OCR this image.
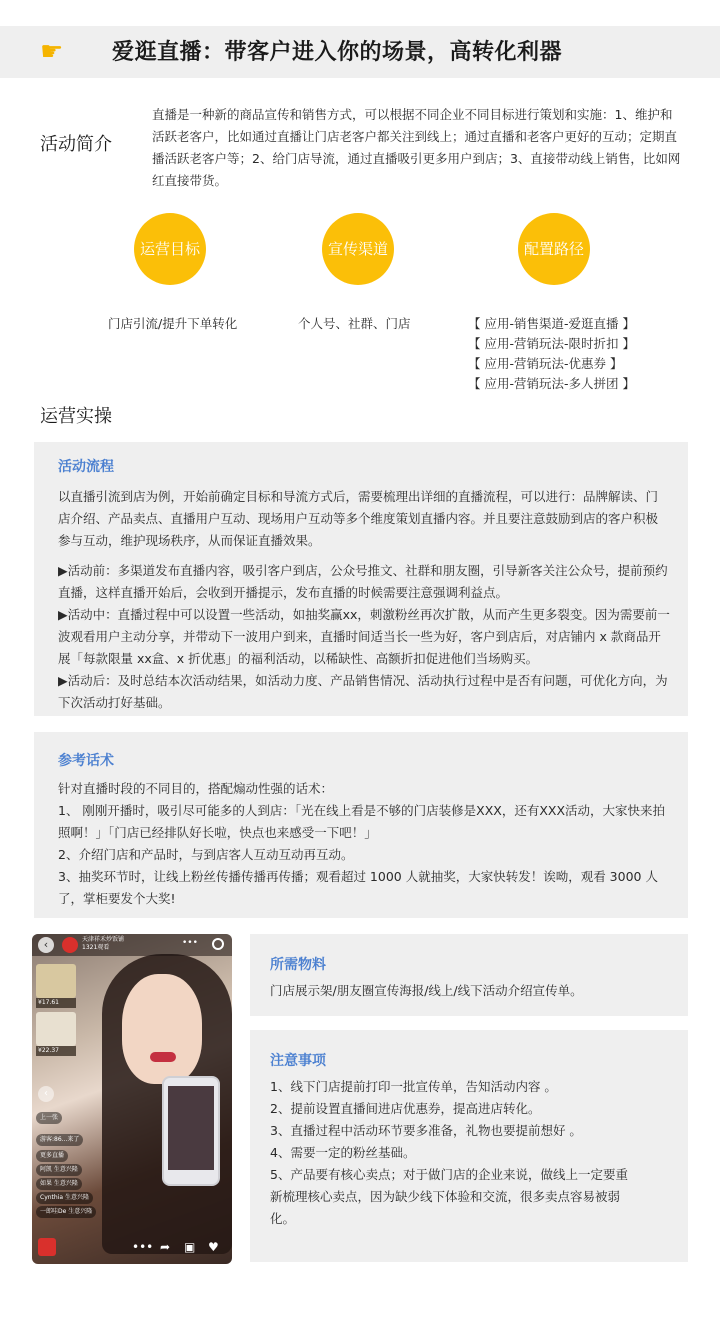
☛ 爱逛直播：带客户进入你的场景，高转化利器
活动简介
直播是一种新的商品宣传和销售方式，可以根据不同企业不同目标进行策划和实施：1、维护和活跃老客户，比如通过直播让门店老客户都关注到线上；通过直播和老客户更好的互动；定期直播活跃老客户等；2、给门店导流，通过直播吸引更多用户到店；3、直接带动线上销售，比如网红直接带货。
运营目标	宣传渠道	配置路径
门店引流/提升下单转化	个人号、社群、门店	【 应用-销售渠道-爱逛直播 】
【 应用-营销玩法-限时折扣 】
【 应用-营销玩法-优惠券 】
【 应用-营销玩法-多人拼团 】
运营实操
活动流程

以直播引流到店为例，开始前确定目标和导流方式后，需要梳理出详细的直播流程，可以进行：品牌解读、门店介绍、产品卖点、直播用户互动、现场用户互动等多个维度策划直播内容。并且要注意鼓励到店的客户积极参与互动，维护现场秩序，从而保证直播效果。

▶活动前：多渠道发布直播内容，吸引客户到店，公众号推文、社群和朋友圈，引导新客关注公众号，提前预约直播，这样直播开始后，会收到开播提示，发布直播的时候需要注意强调利益点。

▶活动中：直播过程中可以设置一些活动，如抽奖赢xx，刺激粉丝再次扩散，从而产生更多裂变。因为需要前一波观看用户主动分享，并带动下一波用户到来，直播时间适当长一些为好，客户到店后，对店铺内 x 款商品开展「每款限量 xx盒、x 折优惠」的福利活动，以稀缺性、高额折扣促进他们当场购买。

▶活动后：及时总结本次活动结果，如活动力度、产品销售情况、活动执行过程中是否有问题，可优化方向，为下次活动打好基础。

参考话术

针对直播时段的不同目的，搭配煽动性强的话术：

1、 刚刚开播时，吸引尽可能多的人到店：「光在线上看是不够的门店装修是XXX，还有XXX活动，大家快来拍照啊！」「门店已经排队好长啦，快点也来感受一下吧！」

2、介绍门店和产品时，与到店客人互动互动再互动。

3、抽奖环节时，让线上粉丝传播传播再传播；观看超过 1000 人就抽奖，大家快转发！诶呦，观看 3000 人了，掌柜要发个大奖!

‹	天津祥禾炒饭铺
1321观看	•••
¥17.61
¥22.37
‹
上一张
游客:86...来了
更多直播
阿凯 生意兴隆
如果 生意兴隆
Cynthia 生意兴隆
一郎哇De 生意兴隆
••• ➦ ▣ ♥
所需物料
门店展示架/朋友圈宣传海报/线上/线下活动介绍宣传单。
注意事项

1、线下门店提前打印一批宣传单，告知活动内容 。

2、提前设置直播间进店优惠券，提高进店转化。

3、直播过程中活动环节要多准备，礼物也要提前想好 。

4、需要一定的粉丝基础。

5、产品要有核心卖点；对于做门店的企业来说，做线上一定要重新梳理核心卖点，因为缺少线下体验和交流，很多卖点容易被弱化。
